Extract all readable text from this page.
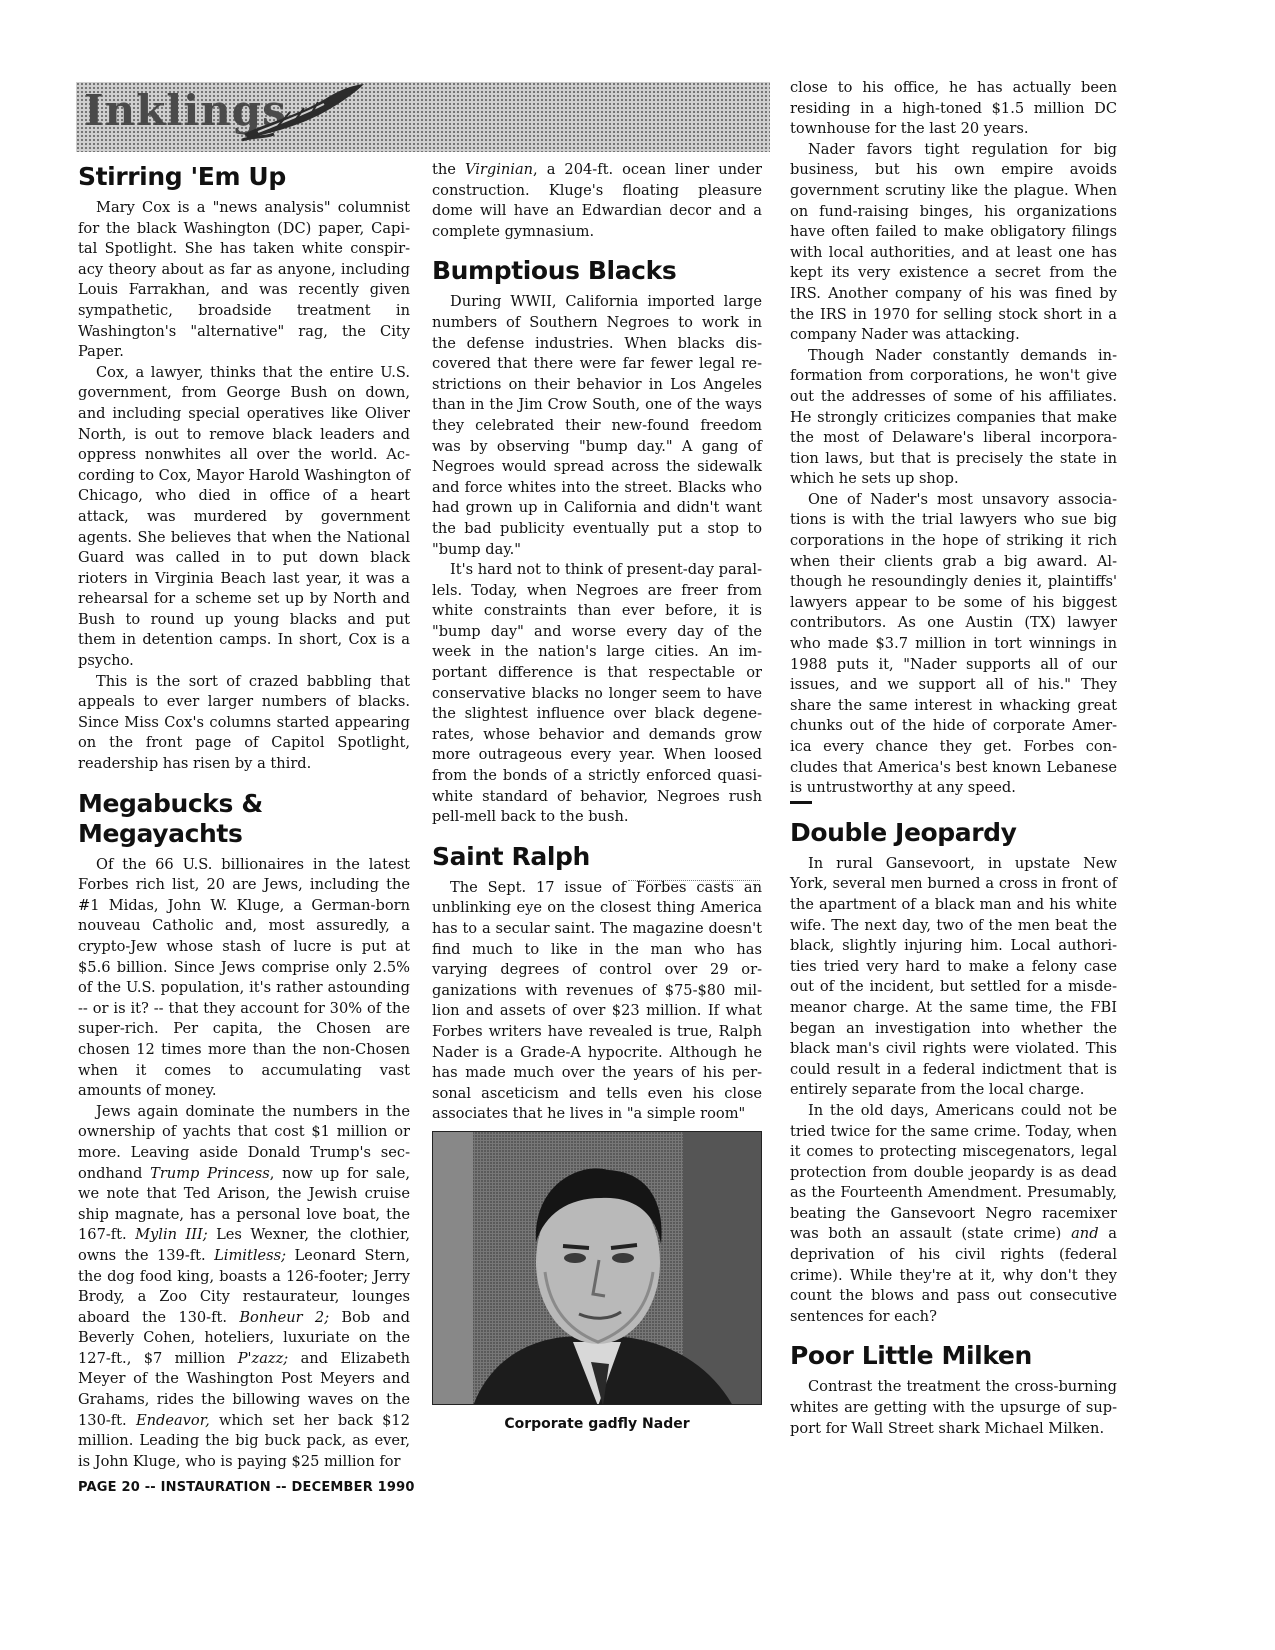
Inklings
Stirring 'Em Up

Mary Cox is a "news analysis" columnist for the black Washington (DC) paper, Capital Spotlight. She has taken white conspiracy theory about as far as anyone, including Louis Farrakhan, and was recently given sympathetic, broadside treatment in Washington's "alternative" rag, the City Paper.

Cox, a lawyer, thinks that the entire U.S. government, from George Bush on down, and including special operatives like Oliver North, is out to remove black leaders and oppress nonwhites all over the world. According to Cox, Mayor Harold Washington of Chicago, who died in office of a heart attack, was murdered by government agents. She believes that when the National Guard was called in to put down black rioters in Virginia Beach last year, it was a rehearsal for a scheme set up by North and Bush to round up young blacks and put them in detention camps. In short, Cox is a psycho.

This is the sort of crazed babbling that appeals to ever larger numbers of blacks. Since Miss Cox's columns started appearing on the front page of Capitol Spotlight, readership has risen by a third.

Megabucks & Megayachts

Of the 66 U.S. billionaires in the latest Forbes rich list, 20 are Jews, including the #1 Midas, John W. Kluge, a German-born nouveau Catholic and, most assuredly, a crypto-Jew whose stash of lucre is put at $5.6 billion. Since Jews comprise only 2.5% of the U.S. population, it's rather astounding -- or is it? -- that they account for 30% of the super-rich. Per capita, the Chosen are chosen 12 times more than the non-Chosen when it comes to accumulating vast amounts of money.

Jews again dominate the numbers in the ownership of yachts that cost $1 million or more. Leaving aside Donald Trump's secondhand Trump Princess, now up for sale, we note that Ted Arison, the Jewish cruise ship magnate, has a personal love boat, the 167-ft. Mylin III; Les Wexner, the clothier, owns the 139-ft. Limitless; Leonard Stern, the dog food king, boasts a 126-footer; Jerry Brody, a Zoo City restaurateur, lounges aboard the 130-ft. Bonheur 2; Bob and Beverly Cohen, hoteliers, luxuriate on the 127-ft., $7 million P'zazz; and Elizabeth Meyer of the Washington Post Meyers and Grahams, rides the billowing waves on the 130-ft. Endeavor, which set her back $12 million. Leading the big buck pack, as ever, is John Kluge, who is paying $25 million for

the Virginian, a 204-ft. ocean liner under construction. Kluge's floating pleasure dome will have an Edwardian decor and a complete gymnasium.

Bumptious Blacks

During WWII, California imported large numbers of Southern Negroes to work in the defense industries. When blacks discovered that there were far fewer legal restrictions on their behavior in Los Angeles than in the Jim Crow South, one of the ways they celebrated their new-found freedom was by observing "bump day." A gang of Negroes would spread across the sidewalk and force whites into the street. Blacks who had grown up in California and didn't want the bad publicity eventually put a stop to "bump day."

It's hard not to think of present-day parallels. Today, when Negroes are freer from white constraints than ever before, it is "bump day" and worse every day of the week in the nation's large cities. An important difference is that respectable or conservative blacks no longer seem to have the slightest influence over black degenerates, whose behavior and demands grow more outrageous every year. When loosed from the bonds of a strictly enforced quasi-white standard of behavior, Negroes rush pell-mell back to the bush.

Saint Ralph

The Sept. 17 issue of Forbes casts an unblinking eye on the closest thing America has to a secular saint. The magazine doesn't find much to like in the man who has varying degrees of control over 29 organizations with revenues of $75-$80 million and assets of over $23 million. If what Forbes writers have revealed is true, Ralph Nader is a Grade-A hypocrite. Although he has made much over the years of his personal asceticism and tells even his close associates that he lives in "a simple room"

Corporate gadfly Nader

close to his office, he has actually been residing in a high-toned $1.5 million DC townhouse for the last 20 years.

Nader favors tight regulation for big business, but his own empire avoids government scrutiny like the plague. When on fund-raising binges, his organizations have often failed to make obligatory filings with local authorities, and at least one has kept its very existence a secret from the IRS. Another company of his was fined by the IRS in 1970 for selling stock short in a company Nader was attacking.

Though Nader constantly demands information from corporations, he won't give out the addresses of some of his affiliates. He strongly criticizes companies that make the most of Delaware's liberal incorporation laws, but that is precisely the state in which he sets up shop.

One of Nader's most unsavory associations is with the trial lawyers who sue big corporations in the hope of striking it rich when their clients grab a big award. Although he resoundingly denies it, plaintiffs' lawyers appear to be some of his biggest contributors. As one Austin (TX) lawyer who made $3.7 million in tort winnings in 1988 puts it, "Nader supports all of our issues, and we support all of his." They share the same interest in whacking great chunks out of the hide of corporate America every chance they get. Forbes concludes that America's best known Lebanese is untrustworthy at any speed.

Double Jeopardy

In rural Gansevoort, in upstate New York, several men burned a cross in front of the apartment of a black man and his white wife. The next day, two of the men beat the black, slightly injuring him. Local authorities tried very hard to make a felony case out of the incident, but settled for a misdemeanor charge. At the same time, the FBI began an investigation into whether the black man's civil rights were violated. This could result in a federal indictment that is entirely separate from the local charge.

In the old days, Americans could not be tried twice for the same crime. Today, when it comes to protecting miscegenators, legal protection from double jeopardy is as dead as the Fourteenth Amendment. Presumably, beating the Gansevoort Negro racemixer was both an assault (state crime) and a deprivation of his civil rights (federal crime). While they're at it, why don't they count the blows and pass out consecutive sentences for each?

Poor Little Milken

Contrast the treatment the cross-burning whites are getting with the upsurge of support for Wall Street shark Michael Milken.

PAGE 20 -- INSTAURATION -- DECEMBER 1990
